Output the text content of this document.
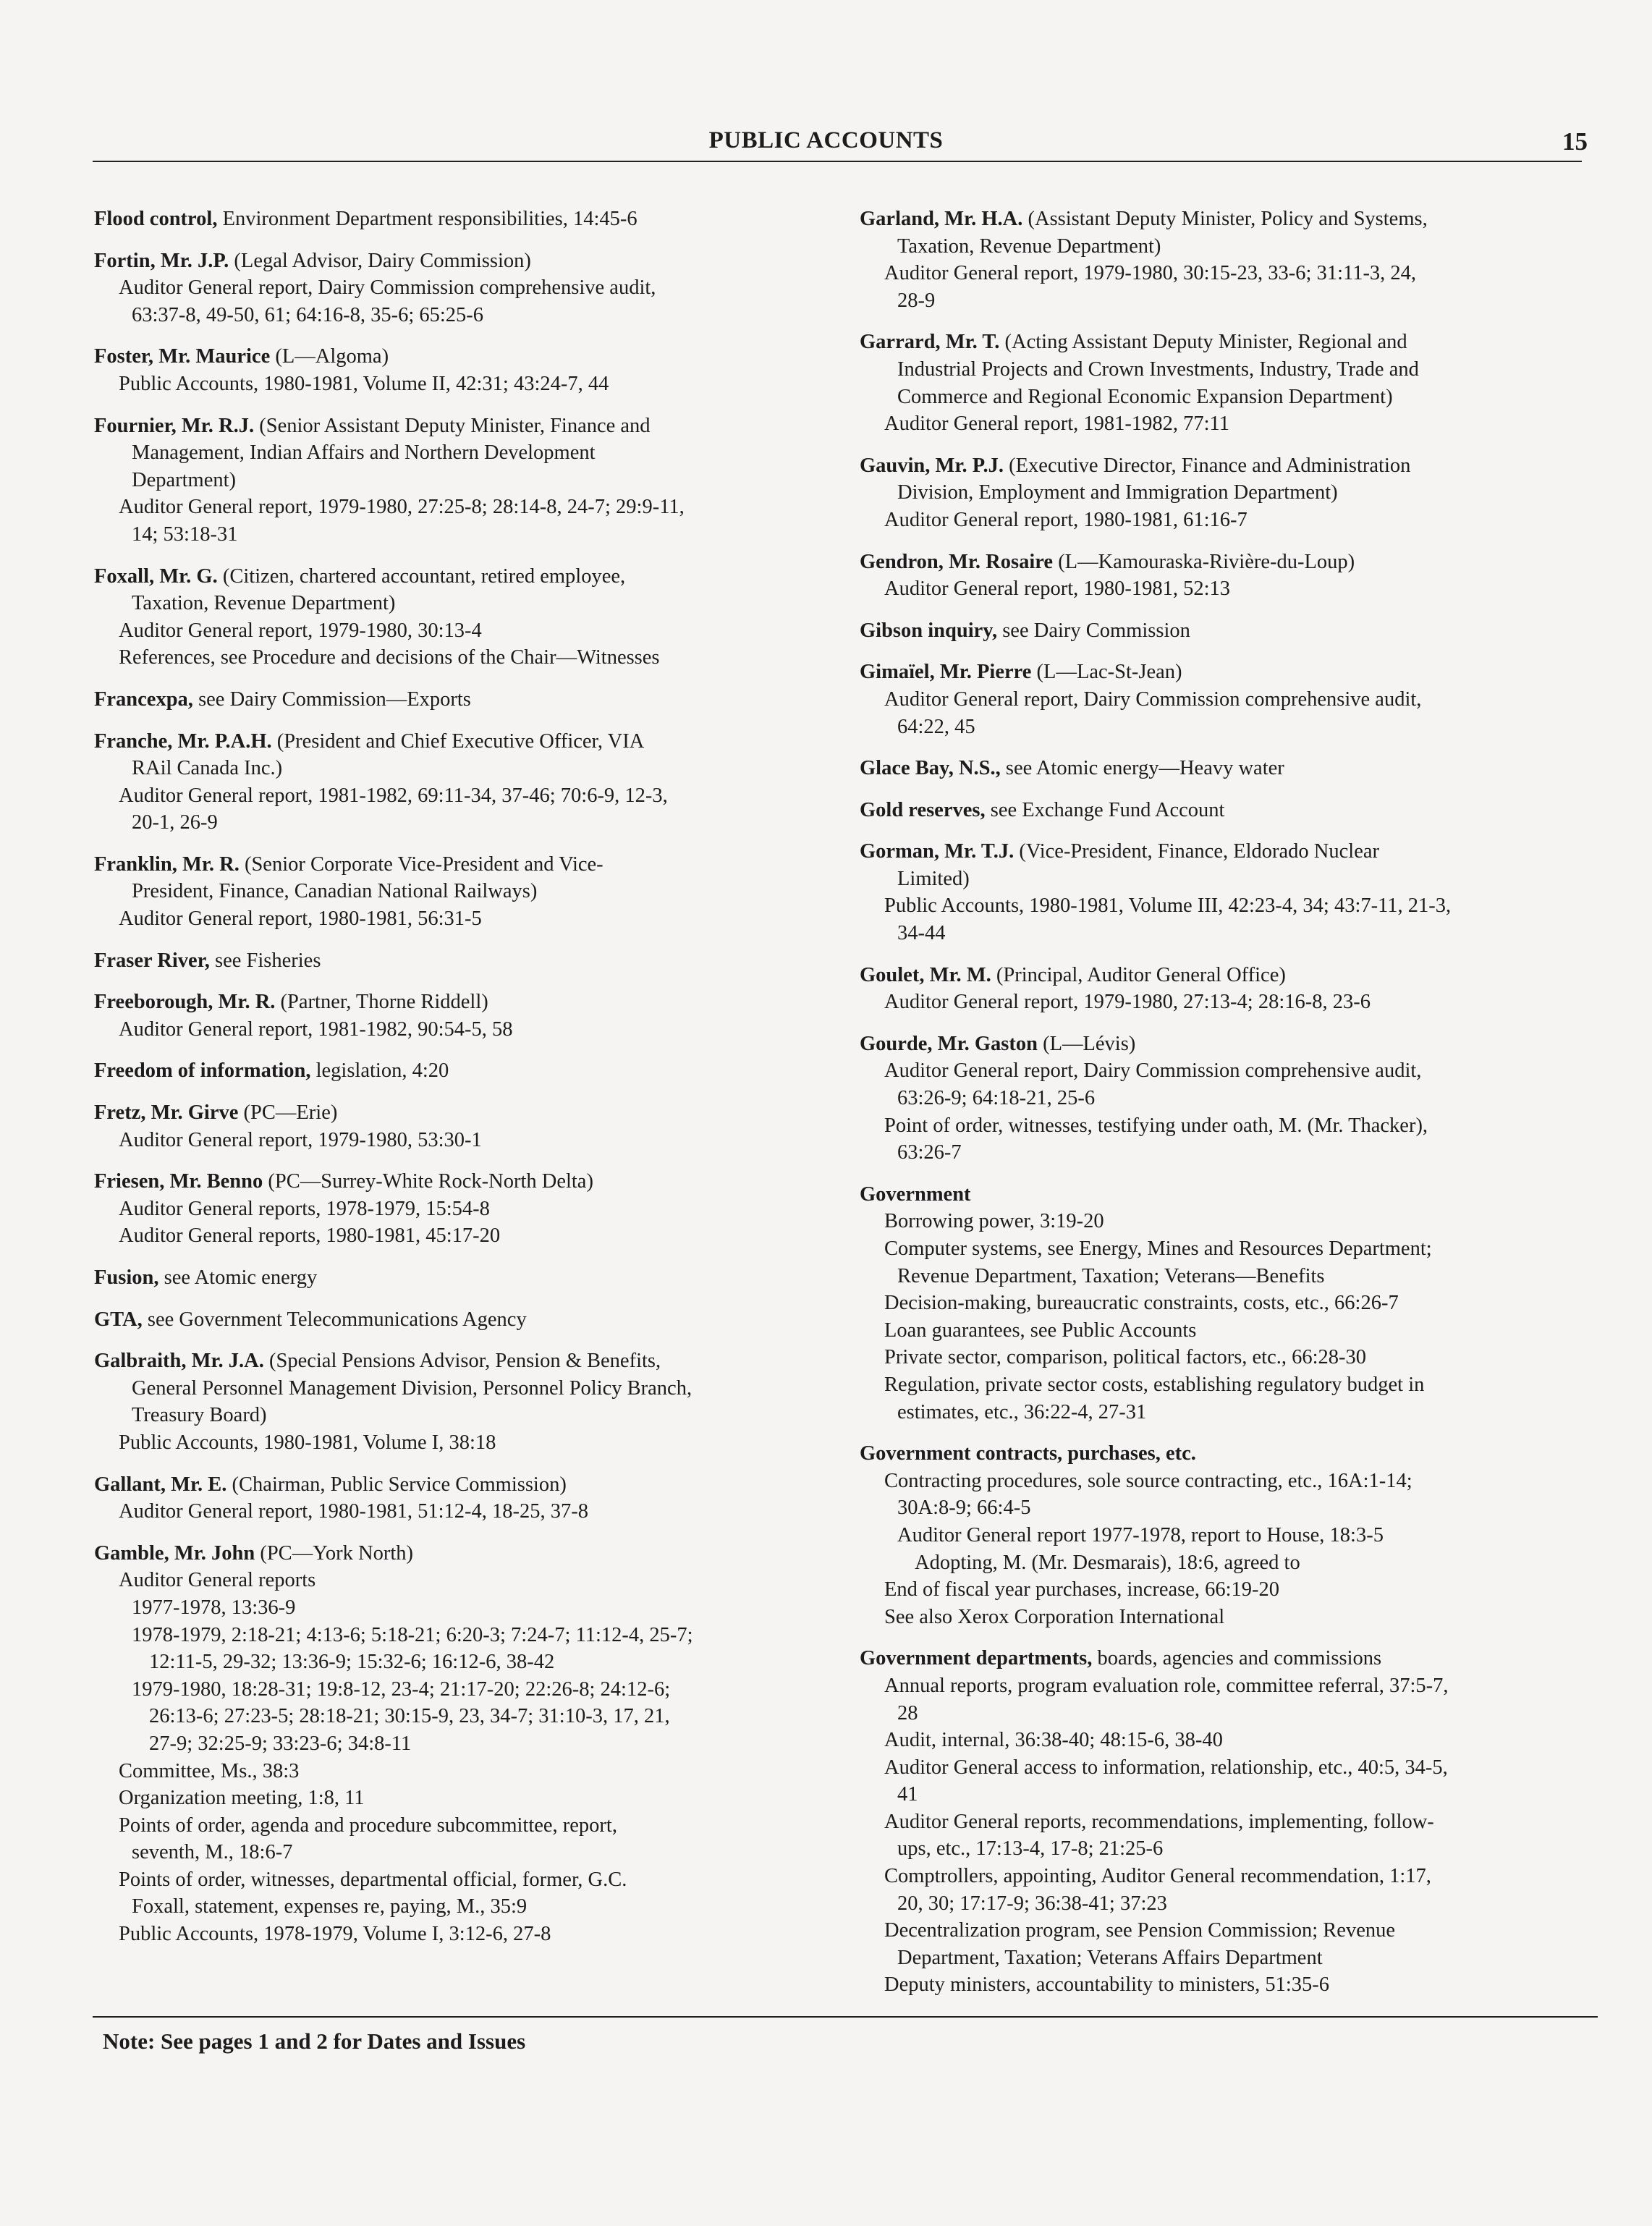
PUBLIC ACCOUNTS	15
Flood control, Environment Department responsibilities, 14:45-6
Fortin, Mr. J.P. (Legal Advisor, Dairy Commission)
Auditor General report, Dairy Commission comprehensive audit,
63:37-8, 49-50, 61; 64:16-8, 35-6; 65:25-6
Foster, Mr. Maurice (L—Algoma)
Public Accounts, 1980-1981, Volume II, 42:31; 43:24-7, 44
Fournier, Mr. R.J. (Senior Assistant Deputy Minister, Finance and
Management, Indian Affairs and Northern Development
Department)
Auditor General report, 1979-1980, 27:25-8; 28:14-8, 24-7; 29:9-11,
14; 53:18-31
Foxall, Mr. G. (Citizen, chartered accountant, retired employee,
Taxation, Revenue Department)
Auditor General report, 1979-1980, 30:13-4
References, see Procedure and decisions of the Chair—Witnesses
Francexpa, see Dairy Commission—Exports
Franche, Mr. P.A.H. (President and Chief Executive Officer, VIA
RAil Canada Inc.)
Auditor General report, 1981-1982, 69:11-34, 37-46; 70:6-9, 12-3,
20-1, 26-9
Franklin, Mr. R. (Senior Corporate Vice-President and Vice-
President, Finance, Canadian National Railways)
Auditor General report, 1980-1981, 56:31-5
Fraser River, see Fisheries
Freeborough, Mr. R. (Partner, Thorne Riddell)
Auditor General report, 1981-1982, 90:54-5, 58
Freedom of information, legislation, 4:20
Fretz, Mr. Girve (PC—Erie)
Auditor General report, 1979-1980, 53:30-1
Friesen, Mr. Benno (PC—Surrey-White Rock-North Delta)
Auditor General reports, 1978-1979, 15:54-8
Auditor General reports, 1980-1981, 45:17-20
Fusion, see Atomic energy
GTA, see Government Telecommunications Agency
Galbraith, Mr. J.A. (Special Pensions Advisor, Pension & Benefits,
General Personnel Management Division, Personnel Policy Branch,
Treasury Board)
Public Accounts, 1980-1981, Volume I, 38:18
Gallant, Mr. E. (Chairman, Public Service Commission)
Auditor General report, 1980-1981, 51:12-4, 18-25, 37-8
Gamble, Mr. John (PC—York North)
Auditor General reports
1977-1978, 13:36-9
1978-1979, 2:18-21; 4:13-6; 5:18-21; 6:20-3; 7:24-7; 11:12-4, 25-7;
12:11-5, 29-32; 13:36-9; 15:32-6; 16:12-6, 38-42
1979-1980, 18:28-31; 19:8-12, 23-4; 21:17-20; 22:26-8; 24:12-6;
26:13-6; 27:23-5; 28:18-21; 30:15-9, 23, 34-7; 31:10-3, 17, 21,
27-9; 32:25-9; 33:23-6; 34:8-11
Committee, Ms., 38:3
Organization meeting, 1:8, 11
Points of order, agenda and procedure subcommittee, report,
seventh, M., 18:6-7
Points of order, witnesses, departmental official, former, G.C.
Foxall, statement, expenses re, paying, M., 35:9
Public Accounts, 1978-1979, Volume I, 3:12-6, 27-8
Garland, Mr. H.A. (Assistant Deputy Minister, Policy and Systems,
Taxation, Revenue Department)
Auditor General report, 1979-1980, 30:15-23, 33-6; 31:11-3, 24,
28-9
Garrard, Mr. T. (Acting Assistant Deputy Minister, Regional and
Industrial Projects and Crown Investments, Industry, Trade and
Commerce and Regional Economic Expansion Department)
Auditor General report, 1981-1982, 77:11
Gauvin, Mr. P.J. (Executive Director, Finance and Administration
Division, Employment and Immigration Department)
Auditor General report, 1980-1981, 61:16-7
Gendron, Mr. Rosaire (L—Kamouraska-Rivière-du-Loup)
Auditor General report, 1980-1981, 52:13
Gibson inquiry, see Dairy Commission
Gimaïel, Mr. Pierre (L—Lac-St-Jean)
Auditor General report, Dairy Commission comprehensive audit,
64:22, 45
Glace Bay, N.S., see Atomic energy—Heavy water
Gold reserves, see Exchange Fund Account
Gorman, Mr. T.J. (Vice-President, Finance, Eldorado Nuclear
Limited)
Public Accounts, 1980-1981, Volume III, 42:23-4, 34; 43:7-11, 21-3,
34-44
Goulet, Mr. M. (Principal, Auditor General Office)
Auditor General report, 1979-1980, 27:13-4; 28:16-8, 23-6
Gourde, Mr. Gaston (L—Lévis)
Auditor General report, Dairy Commission comprehensive audit,
63:26-9; 64:18-21, 25-6
Point of order, witnesses, testifying under oath, M. (Mr. Thacker),
63:26-7
Government
Borrowing power, 3:19-20
Computer systems, see Energy, Mines and Resources Department;
Revenue Department, Taxation; Veterans—Benefits
Decision-making, bureaucratic constraints, costs, etc., 66:26-7
Loan guarantees, see Public Accounts
Private sector, comparison, political factors, etc., 66:28-30
Regulation, private sector costs, establishing regulatory budget in
estimates, etc., 36:22-4, 27-31
Government contracts, purchases, etc.
Contracting procedures, sole source contracting, etc., 16A:1-14;
30A:8-9; 66:4-5
Auditor General report 1977-1978, report to House, 18:3-5
Adopting, M. (Mr. Desmarais), 18:6, agreed to
End of fiscal year purchases, increase, 66:19-20
See also Xerox Corporation International
Government departments, boards, agencies and commissions
Annual reports, program evaluation role, committee referral, 37:5-7,
28
Audit, internal, 36:38-40; 48:15-6, 38-40
Auditor General access to information, relationship, etc., 40:5, 34-5,
41
Auditor General reports, recommendations, implementing, follow-
ups, etc., 17:13-4, 17-8; 21:25-6
Comptrollers, appointing, Auditor General recommendation, 1:17,
20, 30; 17:17-9; 36:38-41; 37:23
Decentralization program, see Pension Commission; Revenue
Department, Taxation; Veterans Affairs Department
Deputy ministers, accountability to ministers, 51:35-6
Note: See pages 1 and 2 for Dates and Issues
